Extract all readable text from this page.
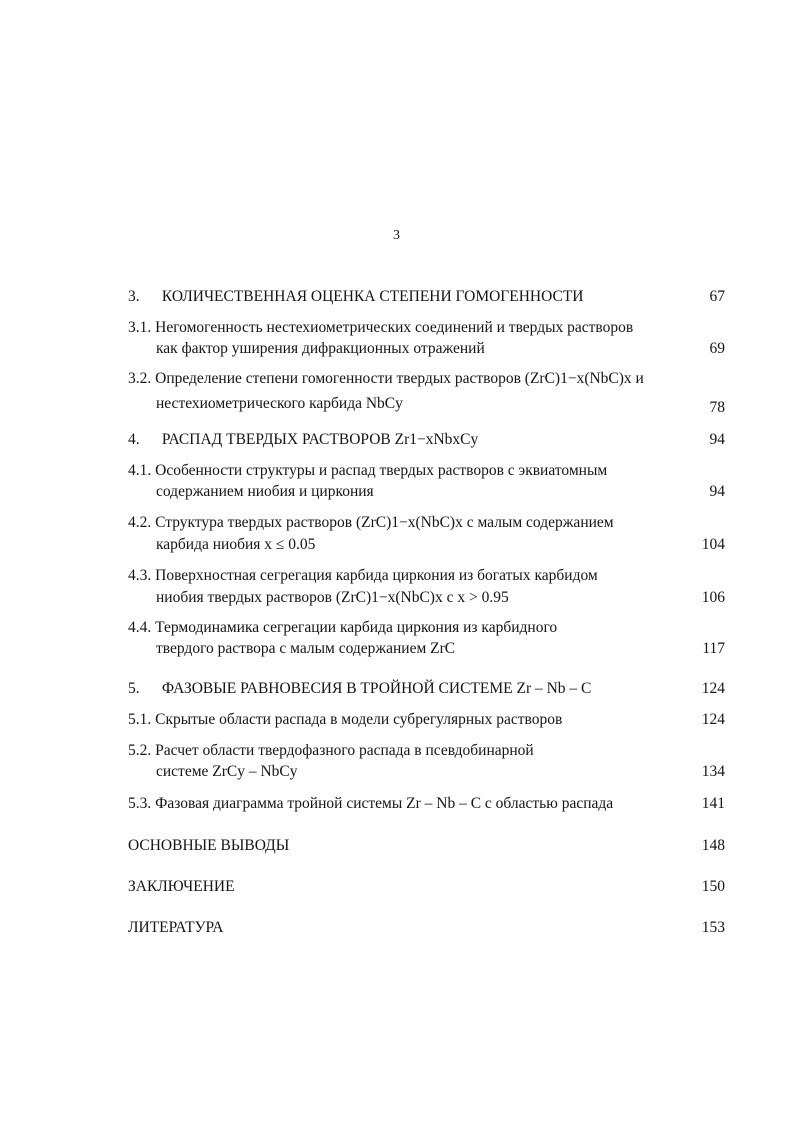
3
3. КОЛИЧЕСТВЕННАЯ ОЦЕНКА СТЕПЕНИ ГОМОГЕННОСТИ	67
3.1. Негомогенность нестехиометрических соединений и твердых растворов
как фактор уширения дифракционных отражений	69
3.2. Определение степени гомогенности твердых растворов (ZrC)1−x(NbC)x и
нестехиометрического карбида NbCy	78
4. РАСПАД ТВЕРДЫХ РАСТВОРОВ Zr1−xNbxCy	94
4.1. Особенности структуры и распад твердых растворов с эквиатомным
содержанием ниобия и циркония	94
4.2. Структура твердых растворов (ZrC)1−x(NbC)x с малым содержанием
карбида ниобия x ≤ 0.05	104
4.3. Поверхностная сегрегация карбида циркония из богатых карбидом
ниобия твердых растворов (ZrC)1−x(NbC)x с x > 0.95	106
4.4. Термодинамика сегрегации карбида циркония из карбидного
твердого раствора с малым содержанием ZrC	117
5. ФАЗОВЫЕ РАВНОВЕСИЯ В ТРОЙНОЙ СИСТЕМЕ Zr – Nb – C	124
5.1. Скрытые области распада в модели субрегулярных растворов	124
5.2. Расчет области твердофазного распада в псевдобинарной
системе ZrCy – NbCy	134
5.3. Фазовая диаграмма тройной системы Zr – Nb – C с областью распада	141
ОСНОВНЫЕ ВЫВОДЫ	148
ЗАКЛЮЧЕНИЕ	150
ЛИТЕРАТУРА	153
